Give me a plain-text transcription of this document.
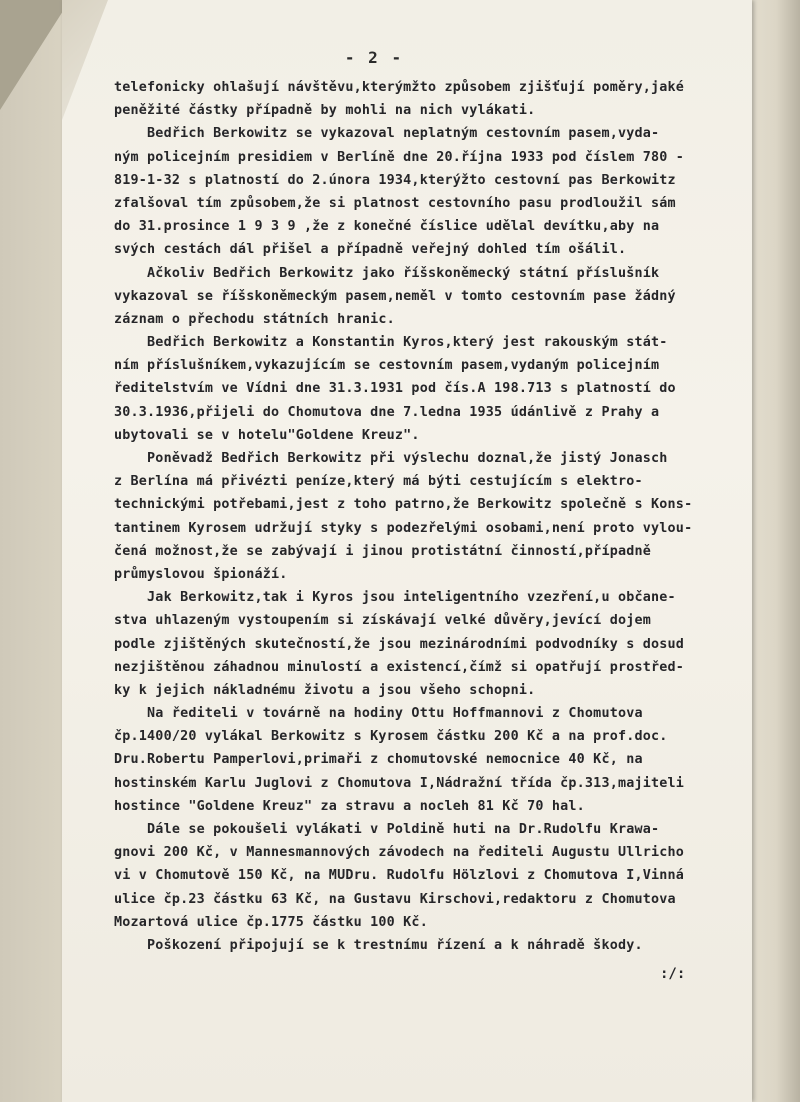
- 2 -
telefonicky ohlašují návštěvu,kterýmžto způsobem zjišťují poměry,jaké
peněžité částky případně by mohli na nich vylákati.
Bedřich Berkowitz se vykazoval neplatným cestovním pasem,vyda-
ným policejním presidiem v Berlíně dne 20.října 1933 pod číslem 780 -
819-1-32 s platností do 2.února 1934,kterýžto cestovní pas Berkowitz
zfalšoval tím způsobem,že si platnost cestovního pasu prodloužil sám
do 31.prosince 1 9 3 9 ,že z konečné číslice udělal devítku,aby na
svých cestách dál přišel a případně veřejný dohled tím ošálil.
Ačkoliv Bedřich Berkowitz jako říšskoněmecký státní příslušník
vykazoval se říšskoněmeckým pasem,neměl v tomto cestovním pase žádný
záznam o přechodu státních hranic.
Bedřich Berkowitz a Konstantin Kyros,který jest rakouským stát-
ním příslušníkem,vykazujícím se cestovním pasem,vydaným policejním
ředitelstvím ve Vídni dne 31.3.1931 pod čís.A 198.713 s platností do
30.3.1936,přijeli do Chomutova dne 7.ledna 1935 údánlivě z Prahy a
ubytovali se v hotelu"Goldene Kreuz".
Poněvadž Bedřich Berkowitz při výslechu doznal,že jistý Jonasch
z Berlína má přivézti peníze,který má býti cestujícím s elektro-
technickými potřebami,jest z toho patrno,že Berkowitz společně s Kons-
tantinem Kyrosem udržují styky s podezřelými osobami,není proto vylou-
čená možnost,že se zabývají i jinou protistátní činností,případně
průmyslovou špionáží.
Jak Berkowitz,tak i Kyros jsou inteligentního vzezření,u občane-
stva uhlazeným vystoupením si získávají velké důvěry,jevící dojem
podle zjištěných skutečností,že jsou mezinárodními podvodníky s dosud
nezjištěnou záhadnou minulostí a existencí,čímž si opatřují prostřed-
ky k jejich nákladnému životu a jsou všeho schopni.
Na řediteli v továrně na hodiny Ottu Hoffmannovi z Chomutova
čp.1400/20 vylákal Berkowitz s Kyrosem částku 200 Kč a na prof.doc.
Dru.Robertu Pamperlovi,primaři z chomutovské nemocnice 40 Kč, na
hostinském Karlu Juglovi z Chomutova I,Nádražní třída čp.313,majiteli
hostince "Goldene Kreuz" za stravu a nocleh 81 Kč 70 hal.
Dále se pokoušeli vylákati v Poldině huti na Dr.Rudolfu Krawa-
gnovi 200 Kč, v Mannesmannových závodech na řediteli Augustu Ullricho
vi v Chomutově 150 Kč, na MUDru. Rudolfu Hölzlovi z Chomutova I,Vinná
ulice čp.23 částku 63 Kč, na Gustavu Kirschovi,redaktoru z Chomutova
Mozartová ulice čp.1775 částku 100 Kč.
Poškození připojují se k trestnímu řízení a k náhradě škody.
:/:
